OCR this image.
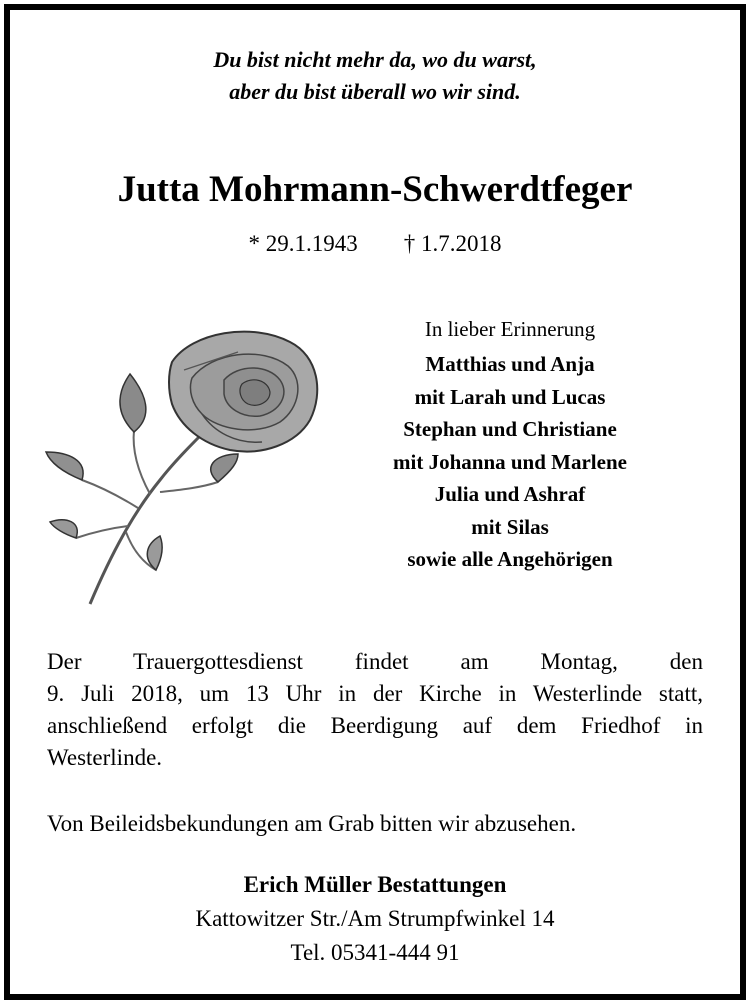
Du bist nicht mehr da, wo du warst,
aber du bist überall wo wir sind.
Jutta Mohrmann-Schwerdtfeger
* 29.1.1943 † 1.7.2018
In lieber Erinnerung
Matthias und Anja
mit Larah und Lucas
Stephan und Christiane
mit Johanna und Marlene
Julia und Ashraf
mit Silas
sowie alle Angehörigen
Der Trauergottesdienst findet am Montag, den
9. Juli 2018, um 13 Uhr in der Kirche in Westerlinde statt,
anschließend erfolgt die Beerdigung auf dem Friedhof in
Westerlinde.
Von Beileidsbekundungen am Grab bitten wir abzusehen.
Erich Müller Bestattungen
Kattowitzer Str./Am Strumpfwinkel 14
Tel. 05341-444 91
